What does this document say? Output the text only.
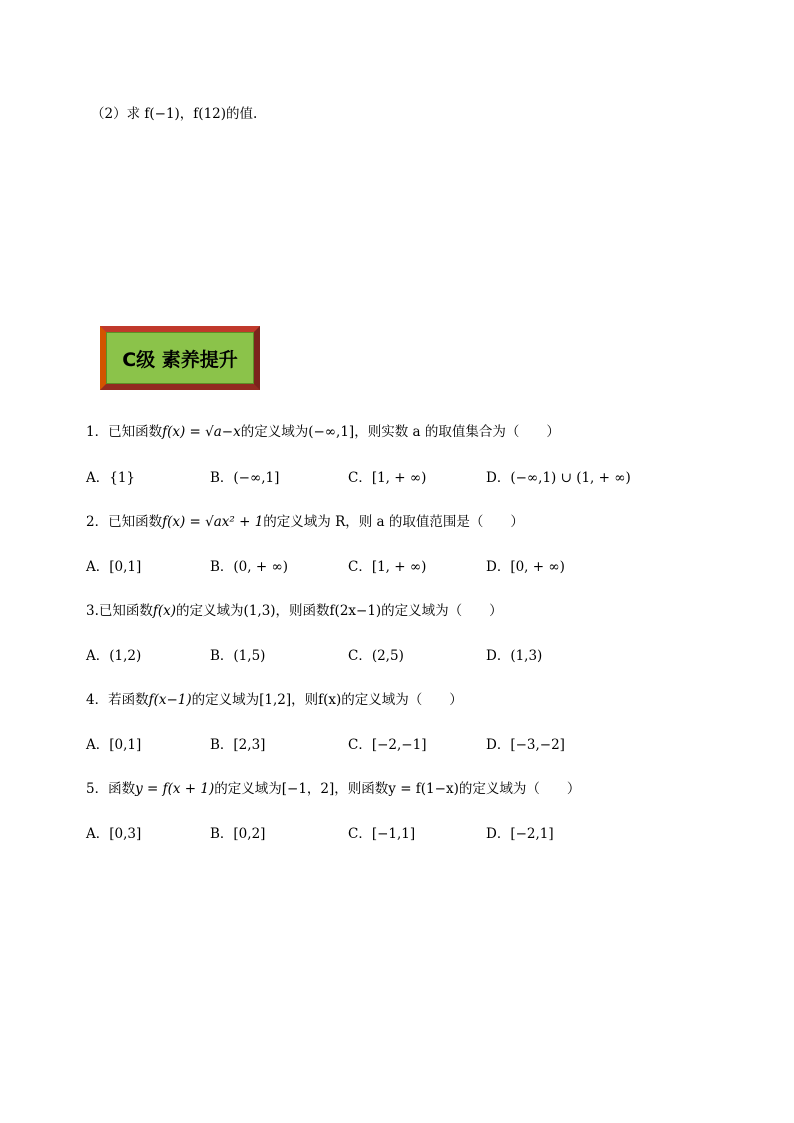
（2）求 f(−1)，f(12)的值.
C级 素养提升
1．已知函数f(x) = √a−x的定义域为(−∞,1]，则实数 a 的取值集合为（　　）
A．{1}	B．(−∞,1]	C．[1, + ∞)	D．(−∞,1) ∪ (1, + ∞)
2．已知函数f(x) = √ax² + 1的定义域为 R，则 a 的取值范围是（　　）
A．[0,1]	B．(0, + ∞)	C．[1, + ∞)	D．[0, + ∞)
3.已知函数f(x)的定义域为(1,3)，则函数f(2x−1)的定义域为（　　）
A．(1,2)	B．(1,5)	C．(2,5)	D．(1,3)
4．若函数f(x−1)的定义域为[1,2]，则f(x)的定义域为（　　）
A．[0,1]	B．[2,3]	C．[−2,−1]	D．[−3,−2]
5．函数y = f(x + 1)的定义域为[−1，2]，则函数y = f(1−x)的定义域为（　　）
A．[0,3]	B．[0,2]	C．[−1,1]	D．[−2,1]
